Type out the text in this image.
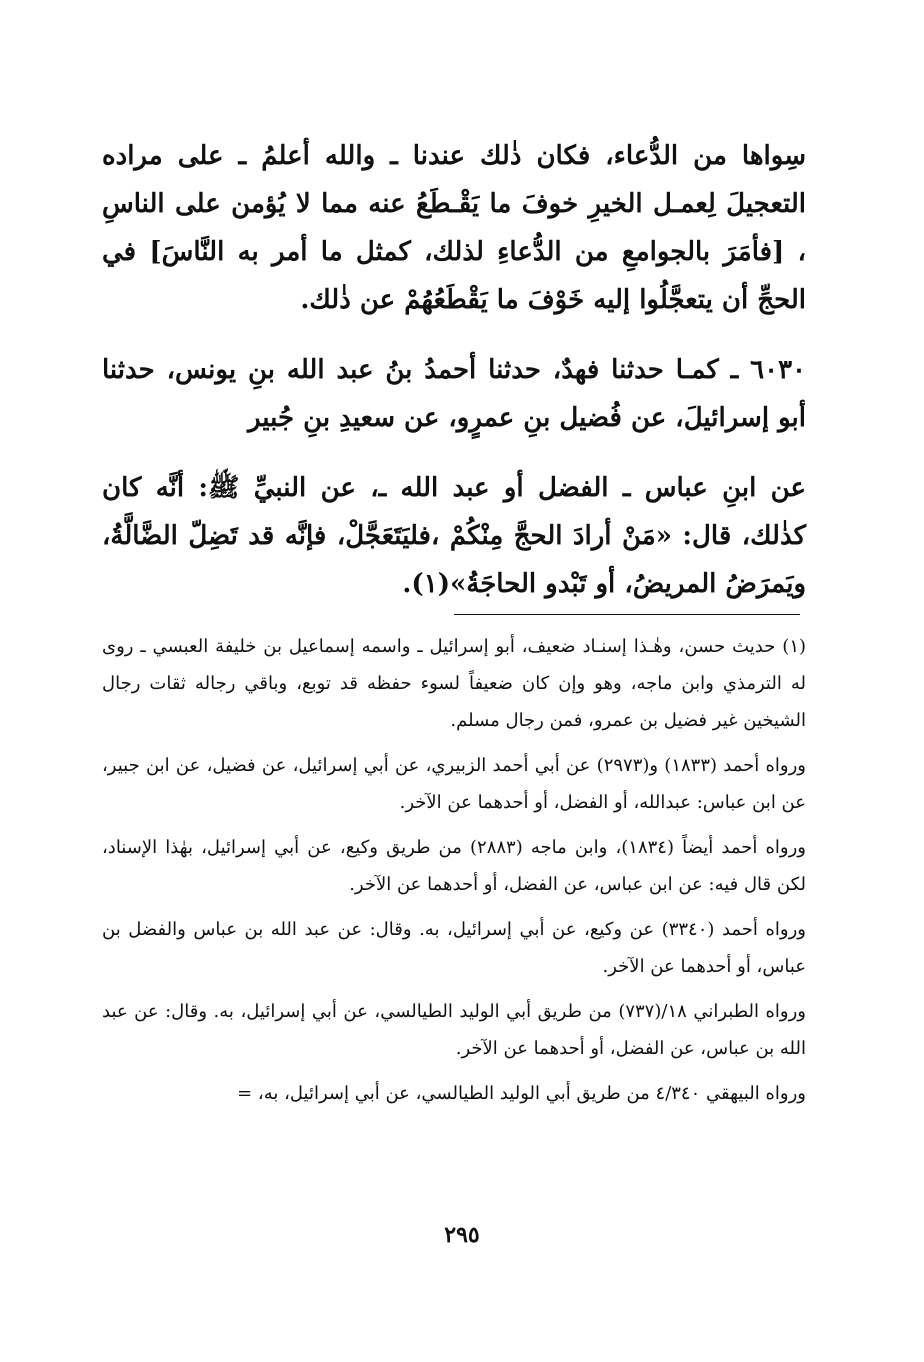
سِواها من الدُّعاء، فكان ذٰلك عندنا ـ والله أعلمُ ـ على مراده التعجيلَ لِعمـل الخيرِ خوفَ ما يَقْـطَعُ عنه مما لا يُؤمن على الناسِ ، [فأمَرَ بالجوامعِ من الدُّعاءِ لذلك، كمثل ما أمر به النَّاسَ] في الحجِّ أن يتعجَّلُوا إليه خَوْفَ ما يَقْطَعُهُمْ عن ذٰلك.

٦٠٣٠ ـ كمـا حدثنا فهدٌ، حدثنا أحمدُ بنُ عبد الله بنِ يونس، حدثنا أبو إسرائيلَ، عن فُضيل بنِ عمرٍو، عن سعيدِ بنِ جُبير

عن ابنِ عباس ـ الفضل أو عبد الله ـ، عن النبيِّ ﷺ: أنَّه كان كذٰلك، قال: «مَنْ أرادَ الحجَّ مِنْكُمْ ،فليَتَعَجَّلْ، فإنَّه قد تَضِلّ الضَّالَّةُ، ويَمرَضُ المريضُ، أو تَبْدو الحاجَةُ»(١).

(١) حديث حسن، وهٰـذا إسنـاد ضعيف، أبو إسرائيل ـ واسمه إسماعيل بن خليفة العبسي ـ روى له الترمذي وابن ماجه، وهو وإن كان ضعيفاً لسوء حفظه قد توبع، وباقي رجاله ثقات رجال الشيخين غير فضيل بن عمرو، فمن رجال مسلم.

ورواه أحمد (١٨٣٣) و(٢٩٧٣) عن أبي أحمد الزبيري، عن أبي إسرائيل، عن فضيل، عن ابن جبير، عن ابن عباس: عبدالله، أو الفضل، أو أحدهما عن الآخر.

ورواه أحمد أيضاً (١٨٣٤)، وابن ماجه (٢٨٨٣) من طريق وكيع، عن أبي إسرائيل، بهٰذا الإسناد، لكن قال فيه: عن ابن عباس، عن الفضل، أو أحدهما عن الآخر.

ورواه أحمد (٣٣٤٠) عن وكيع، عن أبي إسرائيل، به. وقال: عن عبد الله بن عباس والفضل بن عباس، أو أحدهما عن الآخر.

ورواه الطبراني ١٨/(٧٣٧) من طريق أبي الوليد الطيالسي، عن أبي إسرائيل، به. وقال: عن عبد الله بن عباس، عن الفضل، أو أحدهما عن الآخر.

ورواه البيهقي ٤/٣٤٠ من طريق أبي الوليد الطيالسي، عن أبي إسرائيل، به، =

٢٩٥
